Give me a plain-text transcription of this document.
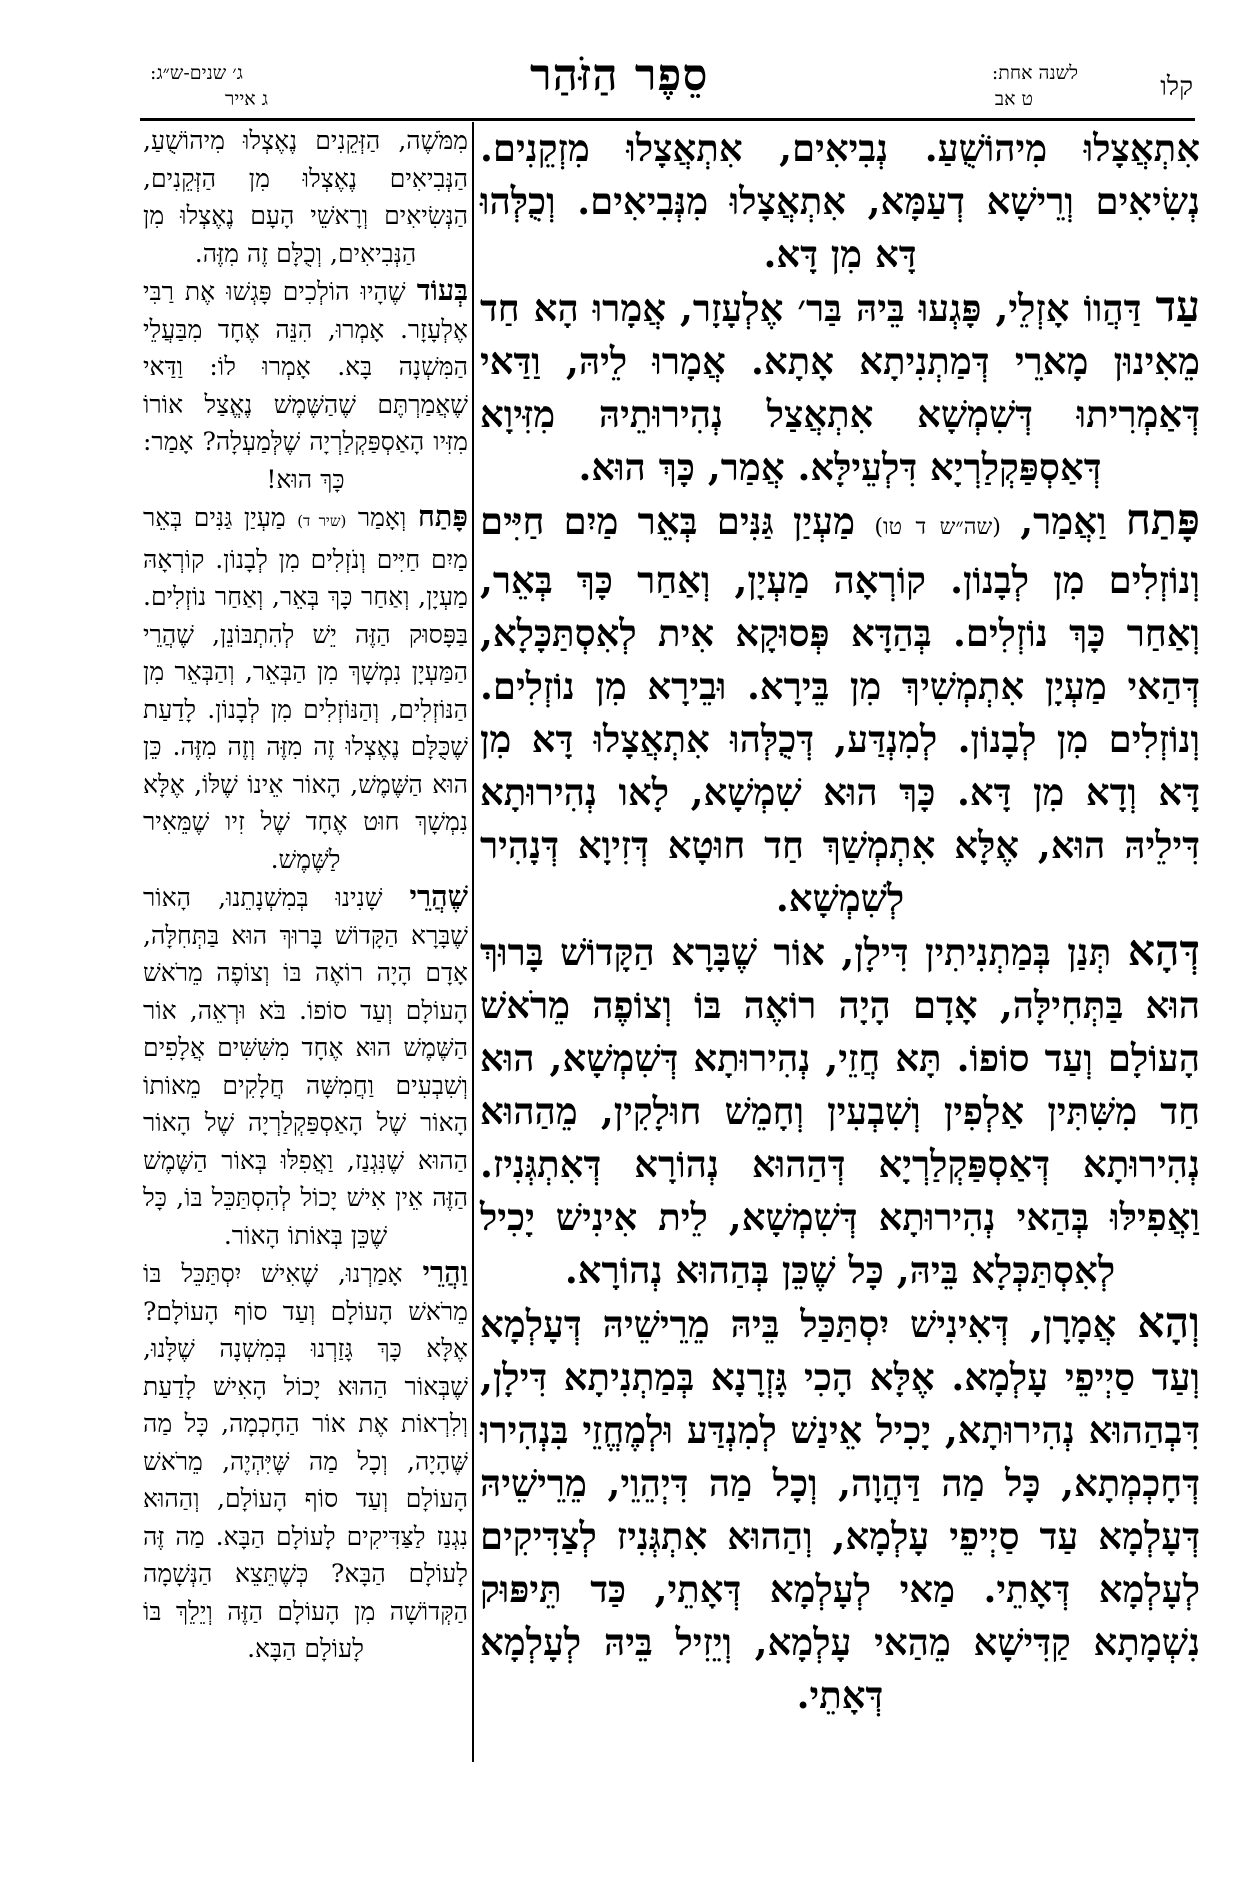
קלו
לשנה אחת:
ט אב
סֵפֶר הַזֹּהַר
ג׳ שנים-ש״ג:
ג אייר

אִתְאֲצָלוּ מִיהוֹשֻׁעַ. נְבִיאִים, אִתְאֲצָלוּ מִזְקֵנִים. נְשִׂיאִים וְרֵישָׁא דְעַמָּא, אִתְאֲצָלוּ מִנְּבִיאִים. וְכֻלְּהוּ דָּא מִן דָּא.

עַד דַּהֲווֹ אָזְלֵי, פָּגְעוּ בֵּיהּ בַּר׳ אֶלְעָזָר, אֲמָרוּ הָא חַד מֵאִינוּן מָארֵי דְּמַתְנִיתָא אָתָא. אֲמָרוּ לֵיהּ, וַדַּאי דְּאַמְרִיתוּ דְּשִׁמְשָׁא אִתְאֲצַל נְהִירוּתֵיהּ מִזִּיוָא דְּאַסְפַּקְלַרְיָא דִּלְעֵילָּא. אֲמַר, כָּךְ הוּא.

פָּתַח וַאֲמַר, (שה״ש ד טו) מַעְיַן גַּנִּים בְּאֵר מַיִם חַיִּים וְנוֹזְלִים מִן לְבָנוֹן. קוֹרְאָה מַעְיָן, וְאַחַר כָּךְ בְּאֵר, וְאַחַר כָּךְ נוֹזְלִים. בְּהַדָּא פְּסוּקָא אִית לְאִסְתַּכָּלָא, דְּהַאי מַעְיָן אִתְמְשִׁיךְ מִן בֵּירָא. וּבֵירָא מִן נוֹזְלִים. וְנוֹזְלִים מִן לְבָנוֹן. לְמִנְדַּע, דְּכֻלְּהוּ אִתְאֲצָלוּ דָּא מִן דָּא וְדָא מִן דָּא. כָּךְ הוּא שִׁמְשָׁא, לָאו נְהִירוּתָא דִּילֵיהּ הוּא, אֶלָּא אִתְמְשַׁךְ חַד חוּטָא דְּזִיוָא דְּנָהִיר לְשִׁמְשָׁא.

דְּהָא תְּנַן בְּמַתְנִיתִין דִּילָן, אוֹר שֶׁבָּרָא הַקָּדוֹשׁ בָּרוּךְ הוּא בַּתְּחִילָּה, אָדָם הָיָה רוֹאֶה בּוֹ וְצוֹפֶה מֵרֹאשׁ הָעוֹלָם וְעַד סוֹפוֹ. תָּא חֲזֵי, נְהִירוּתָא דְּשִׁמְשָׁא, הוּא חַד מִשִּׁתִּין אַלְפִין וְשִׁבְעִין וְחָמֵשׁ חוּלָקִין, מֵהַהוּא נְהִירוּתָא דְּאַסְפַּקְלַרְיָא דְּהַהוּא נְהוֹרָא דְּאִתְגְּנִיז. וַאֲפִילּוּ בְּהַאי נְהִירוּתָא דְּשִׁמְשָׁא, לֵית אִינִישׁ יָכִיל לְאִסְתַּכְּלָא בֵּיהּ, כָּל שֶׁכֵּן בְּהַהוּא נְהוֹרָא.

וְהָא אֲמָרָן, דְּאִינִישׁ יִסְתַּכַּל בֵּיהּ מֵרֵישֵׁיהּ דְּעָלְמָא וְעַד סַיְיפֵי עָלְמָא. אֶלָּא הָכִי גָּזְרָנָא בְּמַתְנִיתָא דִּילָן, דִּבְהַהוּא נְהִירוּתָא, יָכִיל אֵינַשׁ לְמִנְדַּע וּלְמֶחֱזֵי בִּנְהִירוּ דְּחָכְמְתָא, כָּל מַה דַּהֲוָה, וְכָל מַה דִּיְהֵוֵי, מֵרֵישֵׁיהּ דְּעָלְמָא עַד סַיְיפֵי עָלְמָא, וְהַהוּא אִתְגְּנִיז לְצַדִּיקִים לְעָלְמָא דְּאָתֵי. מַאי לְעָלְמָא דְּאָתֵי, כַּד תֵּיפּוּק נִשְׁמָתָא קַדִּישָׁא מֵהַאי עָלְמָא, וְיֵזִיל בֵּיהּ לְעָלְמָא דְּאָתֵי.

מִמֹּשֶׁה, הַזְּקֵנִים נֶאֶצְלוּ מִיהוֹשֻׁעַ, הַנְּבִיאִים נֶאֶצְלוּ מִן הַזְּקֵנִים, הַנְּשִׂיאִים וְרָאשֵׁי הָעָם נֶאֶצְלוּ מִן הַנְּבִיאִים, וְכֻלָּם זֶה מִזֶּה.

בְּעוֹד שֶׁהָיוּ הוֹלְכִים פָּגְשׁוּ אֶת רַבִּי אֶלְעָזָר. אָמְרוּ, הִנֵּה אֶחָד מִבַּעֲלֵי הַמִּשְׁנָה בָּא. אָמְרוּ לוֹ: וַדַּאי שֶׁאֲמַרְתֶּם שֶׁהַשֶּׁמֶשׁ נֶאֱצַל אוֹרוֹ מִזִּיו הָאַסְפַּקְלַרְיָה שֶׁלְּמַעְלָה? אָמַר: כָּךְ הוּא!

פָּתַח וְאָמַר (שיר ד) מַעְיַן גַּנִּים בְּאֵר מַיִם חַיִּים וְנֹזְלִים מִן לְבָנוֹן. קוֹרְאָהּ מַעְיָן, וְאַחַר כָּךְ בְּאֵר, וְאַחַר נוֹזְלִים. בַּפָּסוּק הַזֶּה יֵשׁ לְהִתְבּוֹנֵן, שֶׁהֲרֵי הַמַּעְיָן נִמְשָׁךְ מִן הַבְּאֵר, וְהַבְּאֵר מִן הַנּוֹזְלִים, וְהַנּוֹזְלִים מִן לְבָנוֹן. לָדַעַת שֶׁכֻּלָּם נֶאֶצְלוּ זֶה מִזֶּה וְזֶה מִזֶּה. כֵּן הוּא הַשֶּׁמֶשׁ, הָאוֹר אֵינוֹ שֶׁלּוֹ, אֶלָּא נִמְשָׁךְ חוּט אֶחָד שֶׁל זִיו שֶׁמֵּאִיר לַשֶּׁמֶשׁ.

שֶׁהֲרֵי שָׁנִינוּ בְּמִשְׁנָתֵנוּ, הָאוֹר שֶׁבָּרָא הַקָּדוֹשׁ בָּרוּךְ הוּא בַּתְּחִלָּה, אָדָם הָיָה רוֹאֶה בּוֹ וְצוֹפֶה מֵרֹאשׁ הָעוֹלָם וְעַד סוֹפוֹ. בֹּא וּרְאֵה, אוֹר הַשֶּׁמֶשׁ הוּא אֶחָד מִשִּׁשִּׁים אֲלָפִים וְשִׁבְעִים וַחֲמִשָּׁה חֲלָקִים מֵאוֹתוֹ הָאוֹר שֶׁל הָאַסְפַּקְלַרְיָה שֶׁל הָאוֹר הַהוּא שֶׁנִּגְנַז, וַאֲפִלּוּ בְּאוֹר הַשֶּׁמֶשׁ הַזֶּה אֵין אִישׁ יָכוֹל לְהִסְתַּכֵּל בּוֹ, כָּל שֶׁכֵּן בְּאוֹתוֹ הָאוֹר.

וַהֲרֵי אָמַרְנוּ, שֶׁאִישׁ יִסְתַּכֵּל בּוֹ מֵרֹאשׁ הָעוֹלָם וְעַד סוֹף הָעוֹלָם? אֶלָּא כָּךְ גָּזַרְנוּ בְּמִשְׁנָה שֶׁלָּנוּ, שֶׁבְּאוֹר הַהוּא יָכוֹל הָאִישׁ לָדַעַת וְלִרְאוֹת אֶת אוֹר הַחָכְמָה, כָּל מַה שֶּׁהָיָה, וְכָל מַה שֶּׁיִּהְיֶה, מֵרֹאשׁ הָעוֹלָם וְעַד סוֹף הָעוֹלָם, וְהַהוּא נִגְנַז לַצַּדִּיקִים לָעוֹלָם הַבָּא. מַה זֶּה לָעוֹלָם הַבָּא? כְּשֶׁתֵּצֵא הַנְּשָׁמָה הַקְּדוֹשָׁה מִן הָעוֹלָם הַזֶּה וְיֵלֵךְ בּוֹ לָעוֹלָם הַבָּא.
